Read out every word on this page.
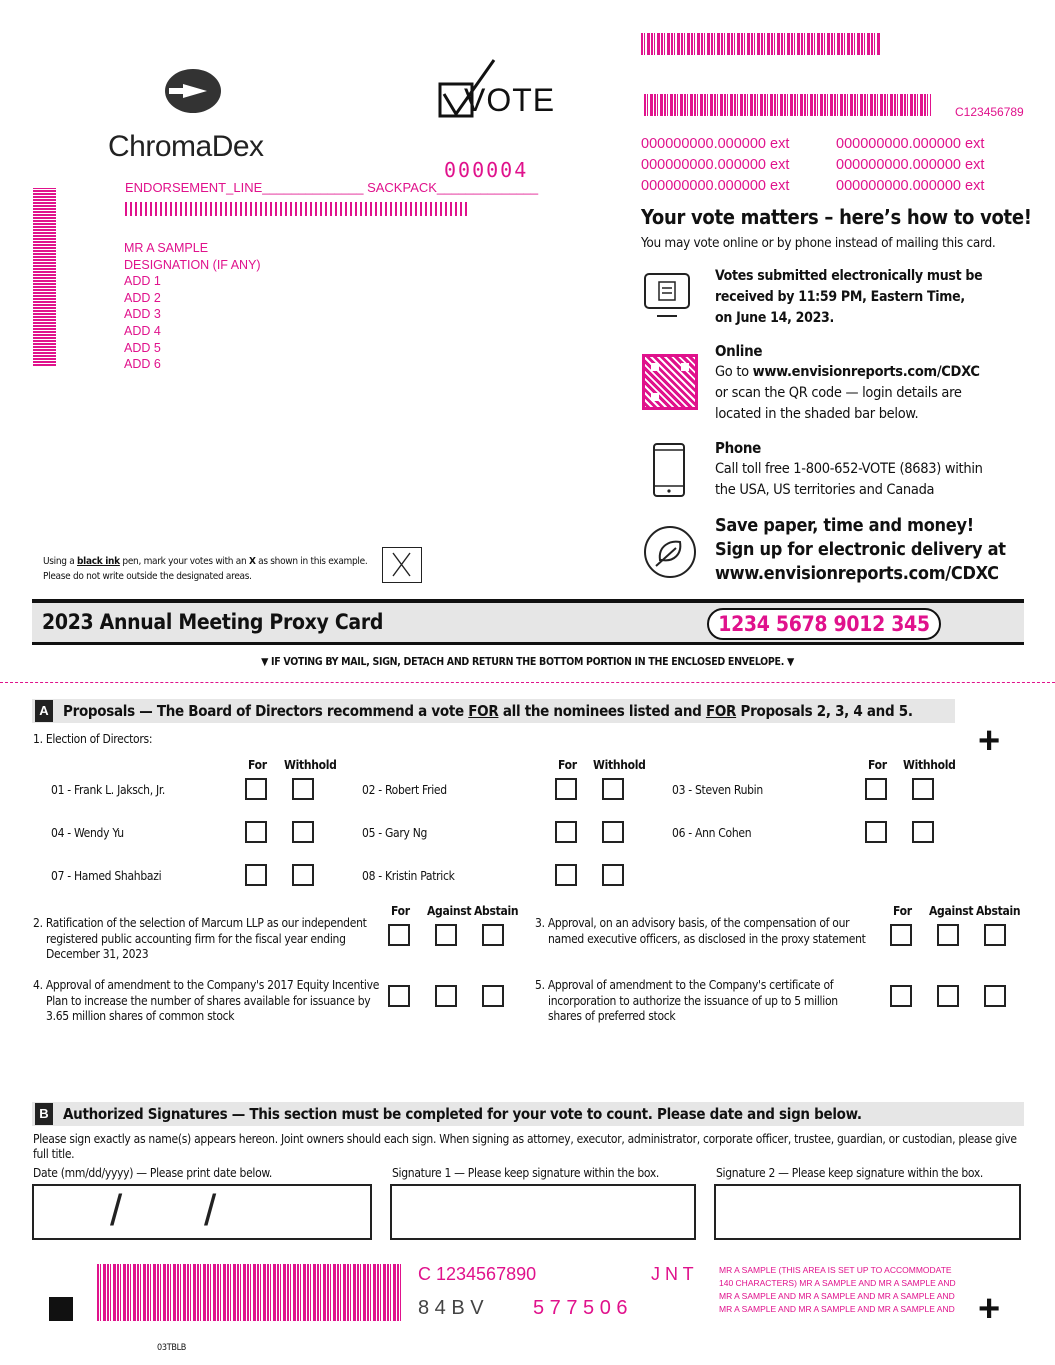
ChromaDex
VOTE
000004
ENDORSEMENT_LINE______________ SACKPACK______________
MR A SAMPLE
DESIGNATION (IF ANY)
ADD 1
ADD 2
ADD 3
ADD 4
ADD 5
ADD 6
C123456789
000000000.000000 ext	000000000.000000 ext
000000000.000000 ext	000000000.000000 ext
000000000.000000 ext	000000000.000000 ext
Your vote matters – here’s how to vote!
You may vote online or by phone instead of mailing this card.
Votes submitted electronically must be received by 11:59 PM, Eastern Time, on June 14, 2023.
Online
Go to www.envisionreports.com/CDXC or scan the QR code — login details are located in the shaded bar below.
Phone
Call toll free 1-800-652-VOTE (8683) within the USA, US territories and Canada
Save paper, time and money!
Sign up for electronic delivery at
www.envisionreports.com/CDXC
Using a black ink pen, mark your votes with an X as shown in this example.
Please do not write outside the designated areas.
2023 Annual Meeting Proxy Card	1234 5678 9012 345
▼ IF VOTING BY MAIL, SIGN, DETACH AND RETURN THE BOTTOM PORTION IN THE ENCLOSED ENVELOPE. ▼
A Proposals — The Board of Directors recommend a vote FOR all the nominees listed and FOR Proposals 2, 3, 4 and 5.
+
1. Election of Directors:
For Withhold	For Withhold	For Withhold
01 - Frank L. Jaksch, Jr.	02 - Robert Fried	03 - Steven Rubin
04 - Wendy Yu	05 - Gary Ng	06 - Ann Cohen
07 - Hamed Shahbazi	08 - Kristin Patrick
For Against Abstain	For Against Abstain
2. Ratification of the selection of Marcum LLP as our independent registered public accounting firm for the fiscal year ending December 31, 2023
3. Approval, on an advisory basis, of the compensation of our named executive officers, as disclosed in the proxy statement
4. Approval of amendment to the Company's 2017 Equity Incentive Plan to increase the number of shares available for issuance by 3.65 million shares of common stock
5. Approval of amendment to the Company's certificate of incorporation to authorize the issuance of up to 5 million shares of preferred stock
B Authorized Signatures — This section must be completed for your vote to count. Please date and sign below.
Please sign exactly as name(s) appears hereon. Joint owners should each sign. When signing as attorney, executor, administrator, corporate officer, trustee, guardian, or custodian, please give full title.
Date (mm/dd/yyyy) — Please print date below.	Signature 1 — Please keep signature within the box.	Signature 2 — Please keep signature within the box.
/ /
C 1234567890	J N T
8 4 B V 5 7 7 5 0 6
MR A SAMPLE (THIS AREA IS SET UP TO ACCOMMODATE 140 CHARACTERS) MR A SAMPLE AND MR A SAMPLE AND MR A SAMPLE AND MR A SAMPLE AND MR A SAMPLE AND MR A SAMPLE AND MR A SAMPLE AND MR A SAMPLE AND +
03TBLB
